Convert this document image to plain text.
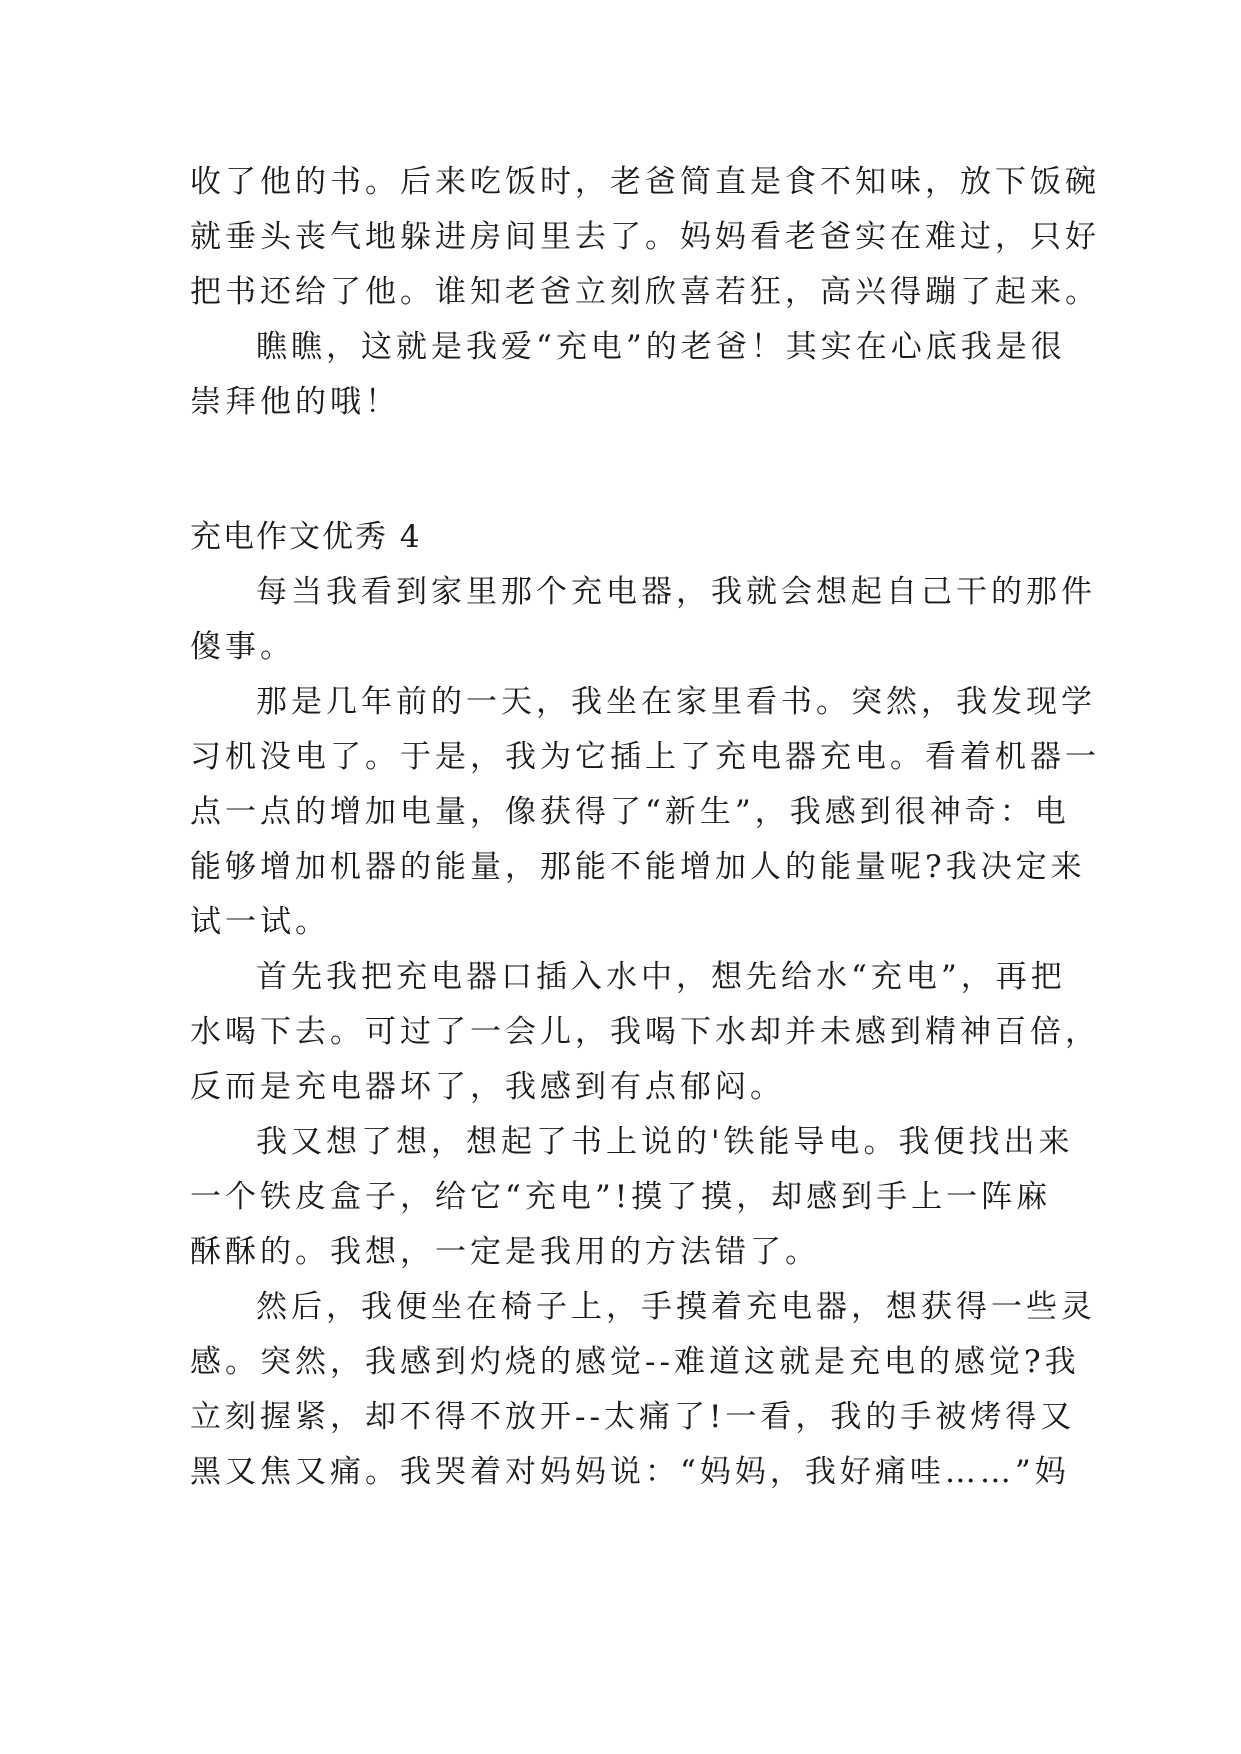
收了他的书。后来吃饭时，老爸简直是食不知味，放下饭碗
就垂头丧气地躲进房间里去了。妈妈看老爸实在难过，只好
把书还给了他。谁知老爸立刻欣喜若狂，高兴得蹦了起来。
瞧瞧，这就是我爱“充电”的老爸！其实在心底我是很
崇拜他的哦！
充电作文优秀 4
每当我看到家里那个充电器，我就会想起自己干的那件
傻事。
那是几年前的一天，我坐在家里看书。突然，我发现学
习机没电了。于是，我为它插上了充电器充电。看着机器一
点一点的增加电量，像获得了“新生”，我感到很神奇：电
能够增加机器的能量，那能不能增加人的能量呢?我决定来
试一试。
首先我把充电器口插入水中，想先给水“充电”，再把
水喝下去。可过了一会儿，我喝下水却并未感到精神百倍，
反而是充电器坏了，我感到有点郁闷。
我又想了想，想起了书上说的'铁能导电。我便找出来
一个铁皮盒子，给它“充电”!摸了摸，却感到手上一阵麻
酥酥的。我想，一定是我用的方法错了。
然后，我便坐在椅子上，手摸着充电器，想获得一些灵
感。突然，我感到灼烧的感觉--难道这就是充电的感觉?我
立刻握紧，却不得不放开--太痛了!一看，我的手被烤得又
黑又焦又痛。我哭着对妈妈说：“妈妈，我好痛哇……”妈
